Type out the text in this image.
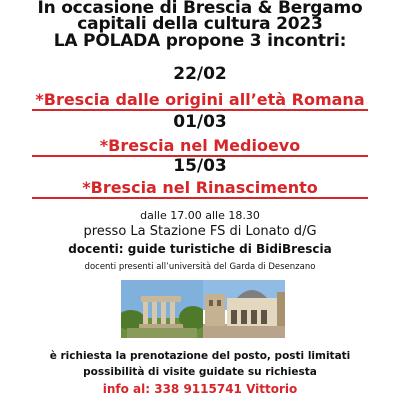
In occasione di Brescia & Bergamo
capitali della cultura 2023
LA POLADA propone 3 incontri:
22/02
*Brescia dalle origini all’età Romana
01/03
*Brescia nel Medioevo
15/03
*Brescia nel Rinascimento
dalle 17.00 alle 18.30
presso La Stazione FS di Lonato d/G
docenti: guide turistiche di BidiBrescia
docenti presenti all’università del Garda di Desenzano
è richiesta la prenotazione del posto, posti limitati
possibilità di visite guidate su richiesta
info al: 338 9115741 Vittorio
